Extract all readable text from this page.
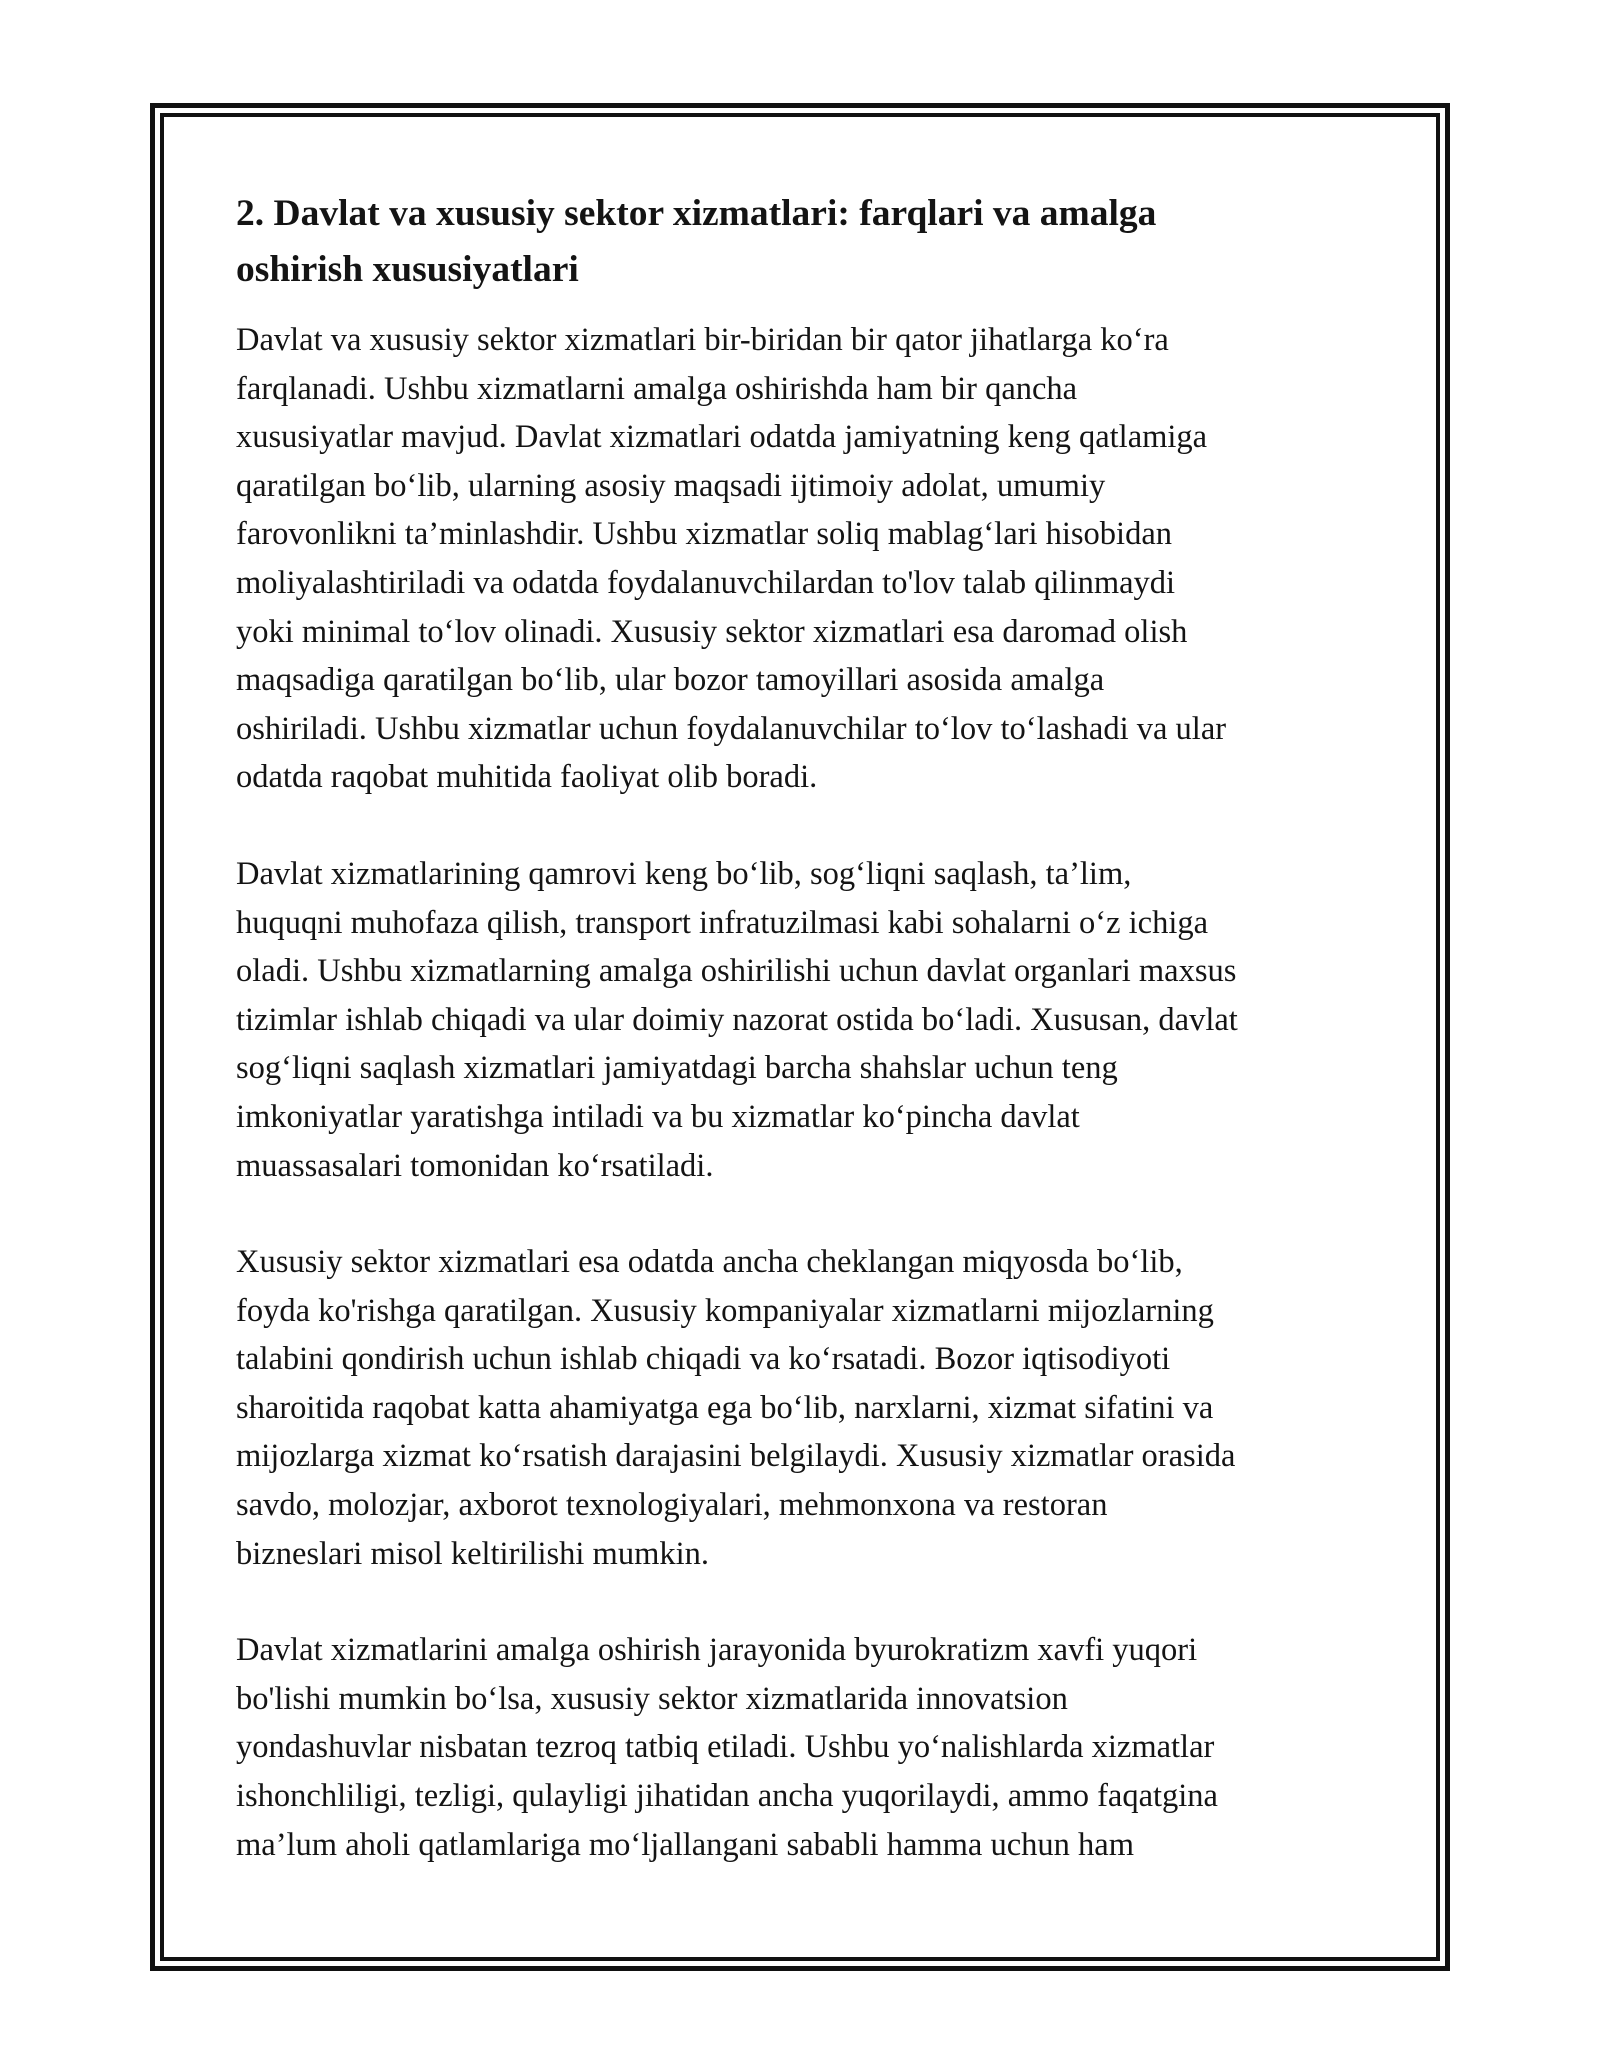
2. Davlat va xususiy sektor xizmatlari: farqlari va amalga
oshirish xususiyatlari

Davlat va xususiy sektor xizmatlari bir-biridan bir qator jihatlarga ko‘ra
farqlanadi. Ushbu xizmatlarni amalga oshirishda ham bir qancha
xususiyatlar mavjud. Davlat xizmatlari odatda jamiyatning keng qatlamiga
qaratilgan bo‘lib, ularning asosiy maqsadi ijtimoiy adolat, umumiy
farovonlikni ta’minlashdir. Ushbu xizmatlar soliq mablag‘lari hisobidan
moliyalashtiriladi va odatda foydalanuvchilardan to'lov talab qilinmaydi
yoki minimal to‘lov olinadi. Xususiy sektor xizmatlari esa daromad olish
maqsadiga qaratilgan bo‘lib, ular bozor tamoyillari asosida amalga
oshiriladi. Ushbu xizmatlar uchun foydalanuvchilar to‘lov to‘lashadi va ular
odatda raqobat muhitida faoliyat olib boradi.

Davlat xizmatlarining qamrovi keng bo‘lib, sog‘liqni saqlash, ta’lim,
huquqni muhofaza qilish, transport infratuzilmasi kabi sohalarni o‘z ichiga
oladi. Ushbu xizmatlarning amalga oshirilishi uchun davlat organlari maxsus
tizimlar ishlab chiqadi va ular doimiy nazorat ostida bo‘ladi. Xususan, davlat
sog‘liqni saqlash xizmatlari jamiyatdagi barcha shahslar uchun teng
imkoniyatlar yaratishga intiladi va bu xizmatlar ko‘pincha davlat
muassasalari tomonidan ko‘rsatiladi.

Xususiy sektor xizmatlari esa odatda ancha cheklangan miqyosda bo‘lib,
foyda ko'rishga qaratilgan. Xususiy kompaniyalar xizmatlarni mijozlarning
talabini qondirish uchun ishlab chiqadi va ko‘rsatadi. Bozor iqtisodiyoti
sharoitida raqobat katta ahamiyatga ega bo‘lib, narxlarni, xizmat sifatini va
mijozlarga xizmat ko‘rsatish darajasini belgilaydi. Xususiy xizmatlar orasida
savdo, molozjar, axborot texnologiyalari, mehmonxona va restoran
bizneslari misol keltirilishi mumkin.

Davlat xizmatlarini amalga oshirish jarayonida byurokratizm xavfi yuqori
bo'lishi mumkin bo‘lsa, xususiy sektor xizmatlarida innovatsion
yondashuvlar nisbatan tezroq tatbiq etiladi. Ushbu yo‘nalishlarda xizmatlar
ishonchliligi, tezligi, qulayligi jihatidan ancha yuqorilaydi, ammo faqatgina
ma’lum aholi qatlamlariga mo‘ljallangani sababli hamma uchun ham
